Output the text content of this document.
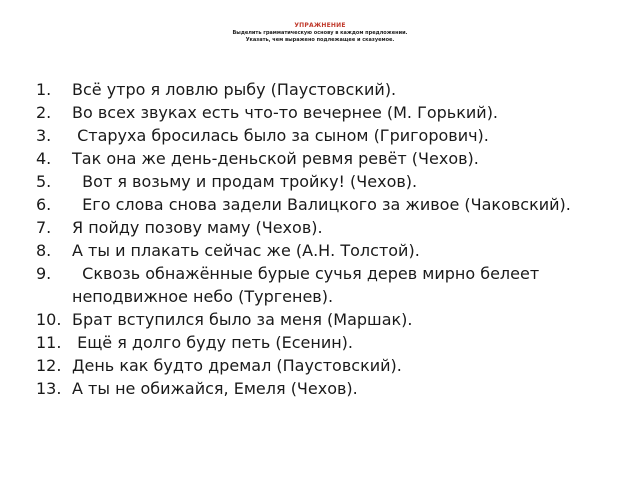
УПРАЖНЕНИЕ
Выделить грамматическую основу в каждом предложении.
Указать, чем выражено подлежащее и сказуемое.
1.	Всё утро я ловлю рыбу (Паустовский).
2.	Во всех звуках есть что-то вечернее (М. Горький).
3.	Старуха бросилась было за сыном (Григорович).
4.	Так она же день-деньской ревмя ревёт (Чехов).
5.	Вот я возьму и продам тройку! (Чехов).
6.	Его слова снова задели Валицкого за живое (Чаковский).
7.	Я пойду позову маму (Чехов).
8.	А ты и плакать сейчас же (А.Н. Толстой).
9.	Сквозь обнажённые бурые сучья дерев мирно белеет неподвижное небо (Тургенев).
10. Брат вступился было за меня (Маршак).
11. Ещё я долго буду петь (Есенин).
12. День как будто дремал (Паустовский).
13. А ты не обижайся, Емеля (Чехов).
